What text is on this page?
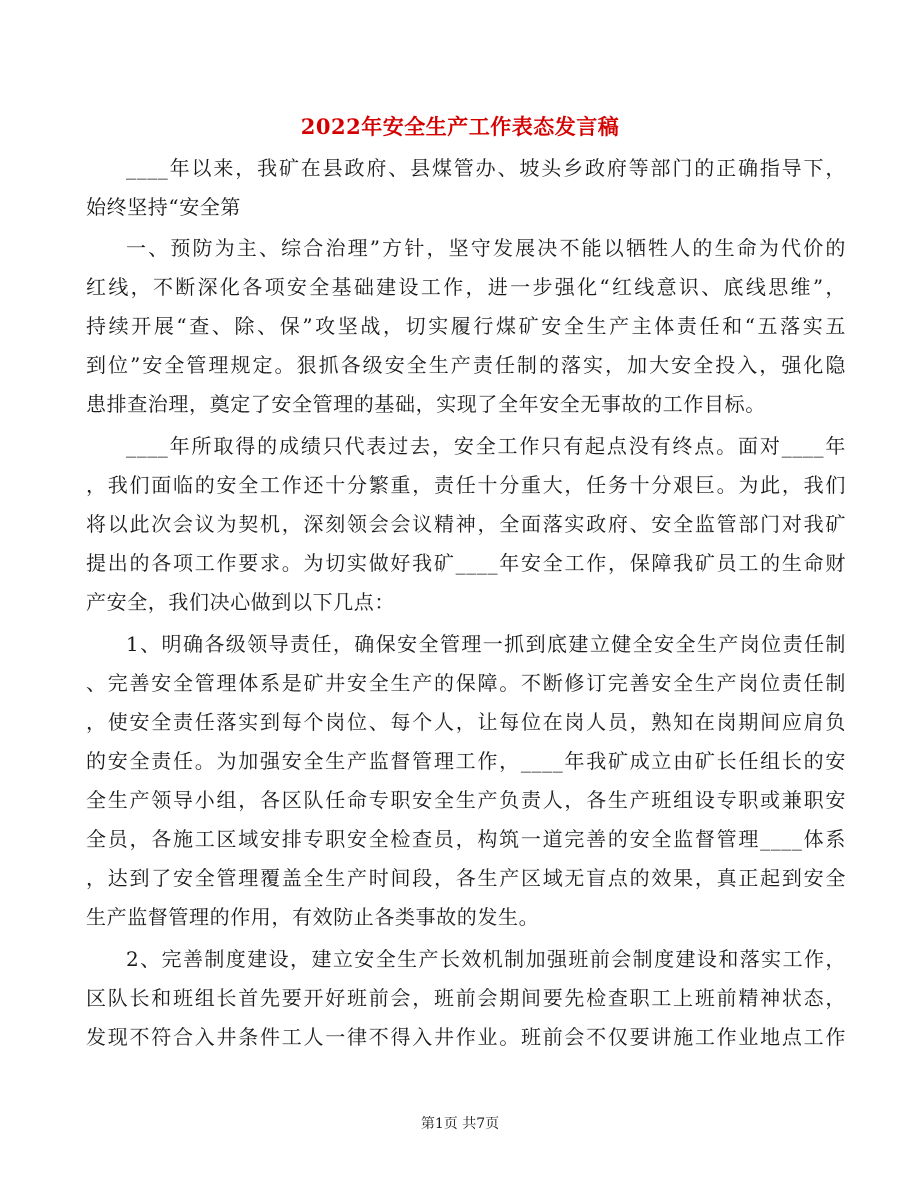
2022年安全生产工作表态发言稿
____年以来，我矿在县政府、县煤管办、坡头乡政府等部门的正确指导下，
始终坚持“安全第
一、预防为主、综合治理”方针，坚守发展决不能以牺牲人的生命为代价的
红线，不断深化各项安全基础建设工作，进一步强化“红线意识、底线思维”，
持续开展“查、除、保”攻坚战，切实履行煤矿安全生产主体责任和“五落实五
到位”安全管理规定。狠抓各级安全生产责任制的落实，加大安全投入，强化隐
患排查治理，奠定了安全管理的基础，实现了全年安全无事故的工作目标。
____年所取得的成绩只代表过去，安全工作只有起点没有终点。面对____年
，我们面临的安全工作还十分繁重，责任十分重大，任务十分艰巨。为此，我们
将以此次会议为契机，深刻领会会议精神，全面落实政府、安全监管部门对我矿
提出的各项工作要求。为切实做好我矿____年安全工作，保障我矿员工的生命财
产安全，我们决心做到以下几点：
1、明确各级领导责任，确保安全管理一抓到底建立健全安全生产岗位责任制
、完善安全管理体系是矿井安全生产的保障。不断修订完善安全生产岗位责任制
，使安全责任落实到每个岗位、每个人，让每位在岗人员，熟知在岗期间应肩负
的安全责任。为加强安全生产监督管理工作，____年我矿成立由矿长任组长的安
全生产领导小组，各区队任命专职安全生产负责人，各生产班组设专职或兼职安
全员，各施工区域安排专职安全检查员，构筑一道完善的安全监督管理____体系
，达到了安全管理覆盖全生产时间段，各生产区域无盲点的效果，真正起到安全
生产监督管理的作用，有效防止各类事故的发生。
2、完善制度建设，建立安全生产长效机制加强班前会制度建设和落实工作，
区队长和班组长首先要开好班前会，班前会期间要先检查职工上班前精神状态，
发现不符合入井条件工人一律不得入井作业。班前会不仅要讲施工作业地点工作
第1页 共7页
